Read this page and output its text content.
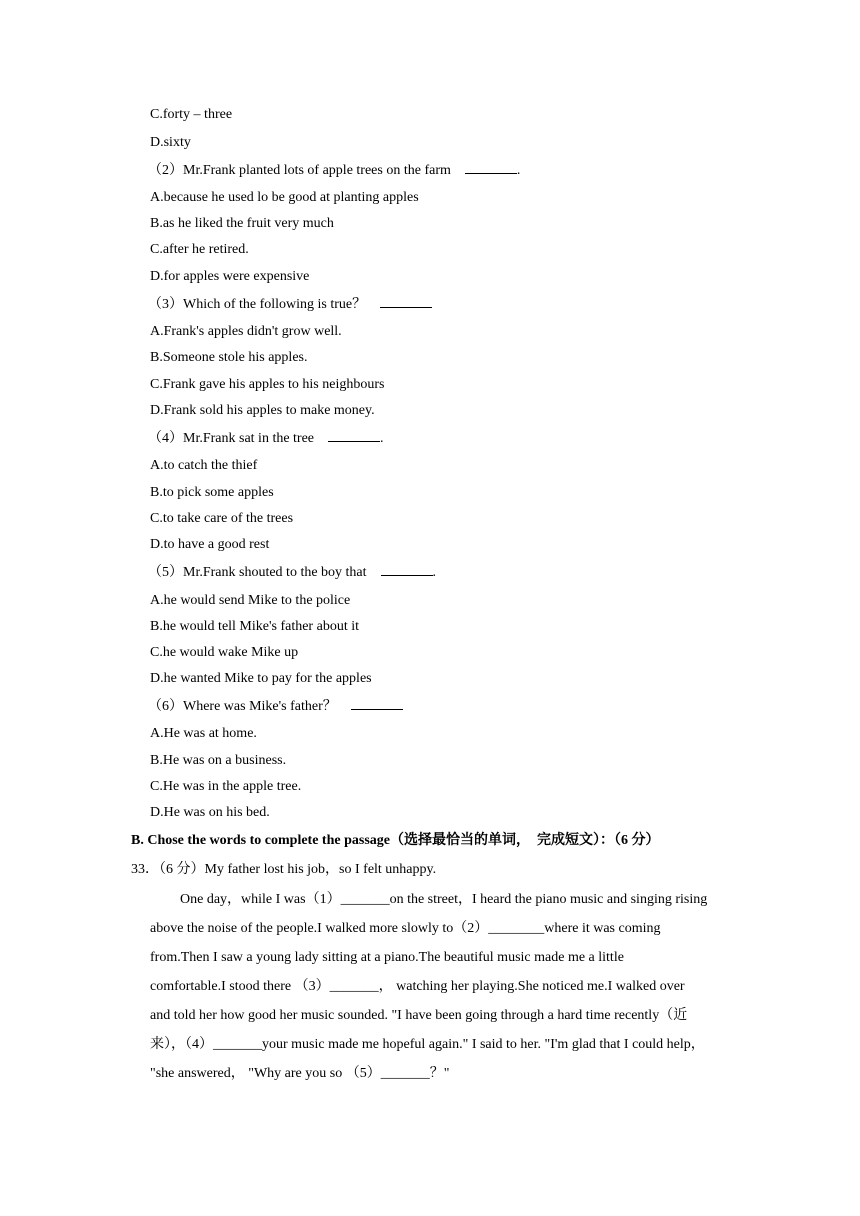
C.forty – three
D.sixty
（2）Mr.Frank planted lots of apple trees on the farm	.
A.because he used lo be good at planting apples
B.as he liked the fruit very much
C.after he retired.
D.for apples were expensive
（3）Which of the following is true？
A.Frank's apples didn't grow well.
B.Someone stole his apples.
C.Frank gave his apples to his neighbours
D.Frank sold his apples to make money.
（4）Mr.Frank sat in the tree	.
A.to catch the thief
B.to pick some apples
C.to take care of the trees
D.to have a good rest
（5）Mr.Frank shouted to the boy that	.
A.he would send Mike to the police
B.he would tell Mike's father about it
C.he would wake Mike up
D.he wanted Mike to pay for the apples
（6）Where was Mike's father？
A.He was at home.
B.He was on a business.
C.He was in the apple tree.
D.He was on his bed.
B. Chose the words to complete the passage（选择最恰当的单词，　完成短文）：（6 分）
33．（6 分）My father lost his job，so I felt unhappy.
One day，while I was（1）_______on the street，I heard the piano music and singing rising
above the noise of the people.I walked more slowly to（2）________where it was coming
from.Then I saw a young lady sitting at a piano.The beautiful music made me a little
comfortable.I stood there （3）_______， watching her playing.She noticed me.I walked over
and told her how good her music sounded. "I have been going through a hard time recently（近
来），（4）_______your music made me hopeful again." I said to her. "I'm glad that I could help，
"she answered， "Why are you so （5）_______？"
